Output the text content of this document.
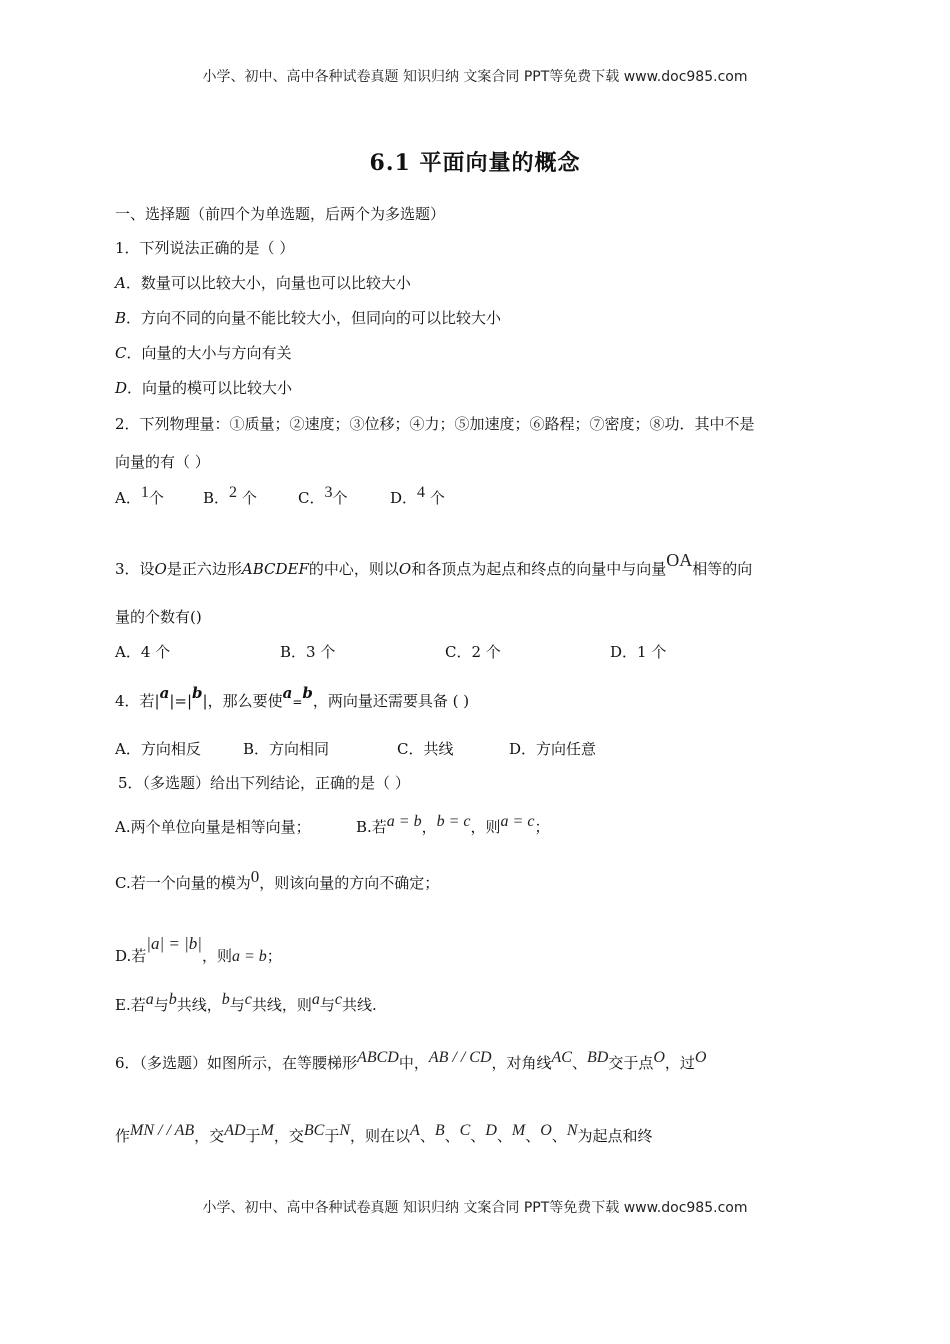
小学、初中、高中各种试卷真题 知识归纳 文案合同 PPT等免费下载 www.doc985.com
6.1 平面向量的概念
一、选择题（前四个为单选题，后两个为多选题）
1．下列说法正确的是（ ）
A．数量可以比较大小，向量也可以比较大小
B．方向不同的向量不能比较大小，但同向的可以比较大小
C．向量的大小与方向有关
D．向量的模可以比较大小
2．下列物理量：①质量；②速度；③位移；④力；⑤加速度；⑥路程；⑦密度；⑧功．其中不是
向量的有（ ）
A．1个	B．2 个	C．3个	D．4 个
3．设O是正六边形ABCDEF的中心，则以O和各顶点为起点和终点的向量中与向量OA相等的向
量的个数有()
A．4 个	B．3 个	C．2 个	D．1 个
4．若|a|=|b|，那么要使a=b，两向量还需要具备 ( )
A．方向相反	B．方向相同	C．共线	D．方向任意
5．（多选题）给出下列结论，正确的是（ ）
A.两个单位向量是相等向量；	B.若a = b，b = c，则a = c；
C.若一个向量的模为0，则该向量的方向不确定；
D.若|a| = |b|，则a = b；
E.若a与b共线，b与c共线，则a与c共线.
6．（多选题）如图所示，在等腰梯形ABCD中，AB / / CD，对角线AC、BD交于点O，过O
作MN / / AB，交AD于M，交BC于N，则在以A、B、C、D、M、O、N为起点和终
小学、初中、高中各种试卷真题 知识归纳 文案合同 PPT等免费下载 www.doc985.com
